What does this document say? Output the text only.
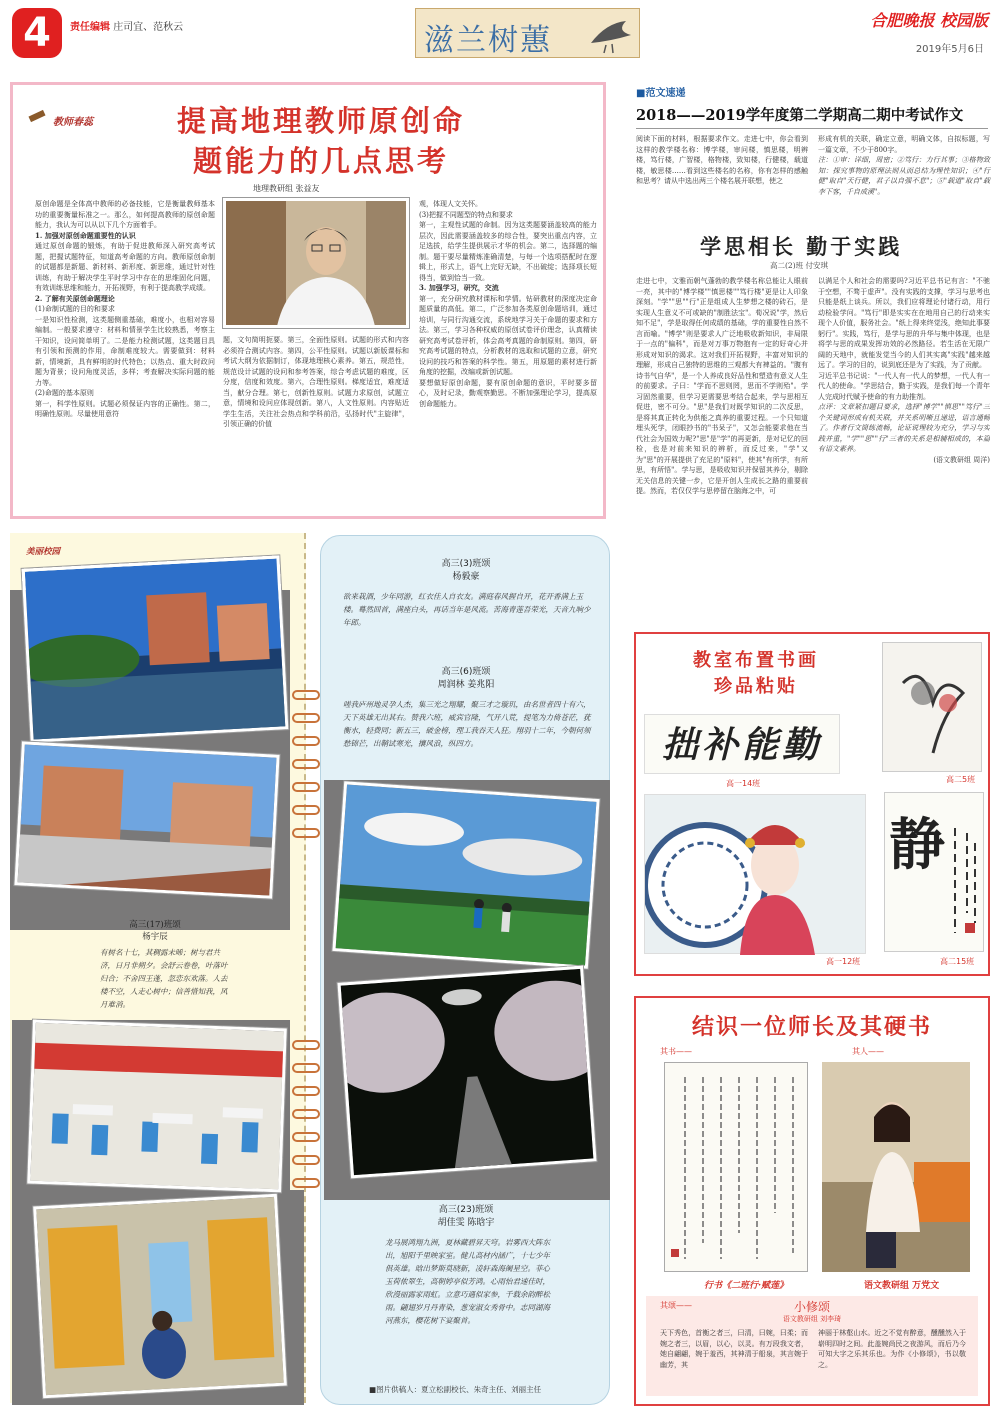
4	责任编辑 庄司宜、范秋云	滋兰树蕙
合肥晚报 校园版
2019年5月6日
教师春蕊	提高地理教师原创命
题能力的几点思考
地理教研组 张益友

原创命题是全体高中教师的必备技能，它是衡量教师基本功的重要衡量标准之一。那么，如何提高教师的原创命题能力，我认为可以从以下几个方面着手。

1. 加强对原创命题重要性的认识

通过原创命题的锻炼，有助于促进教师深入研究高考试题，把握试题特征，知道高考命题的方向。教师原创命制的试题都是新题、新材料、新形度、新思维，通过针对性训练，有助于解决学生平时学习中存在的思维固化问题，有效训练思维和能力，开拓视野，有利于提高教学成绩。

2. 了解有关原创命题理论

(1)命制试题的目的和要求

一是知识性检测，这类题侧重基础，难度小，也相对容易编制。一般要求遵守：材料和情景学生比较熟悉，考察主干知识，设问简单明了。二是能力检测试题，这类题目具有引领和预测的作用，命制难度较大。需要做到：材料新，情境新，具有鲜明的时代特色；以热点、重大时政问题为背景；设问角度灵活，多样；考查解决实际问题的能力等。

(2)命题的基本原则

第一，科学性原则。试题必须保证内容的正确性。第二，明确性原则。尽量使用意符

题，文句简明扼要。第三，全面性原则。试题的形式和内容必须符合测试内容。第四，公平性原则。试题以新版课标和考试大纲为依据制订，体现地理核心素养。第五，规范性，规范设计试题的设问和参考答案，综合考虑试题的难度，区分度，信度和效度。第六，合理性原则。梯度适宜，难度适当，献分合理。第七，创新性原则。试题力求原创，试题立意，情境和设问应体现创新。第八，人文性原则。内容贴近学生生活，关注社会热点和学科前沿，弘扬时代"主旋律"，引领正确的价值

观，体现人文关怀。

(3)把握不同题型的特点和要求

第一，主观性试题的命制。因为这类题要涵盖较高的能力层次，因此需要涵盖较多的综合性，要突出重点内容，立足选拔，给学生提供展示才华的机会。第二，选择题的编制。题干要尽量精炼准确清楚，与每一个选项搭配时在逻辑上，形式上，语气上完好无缺，不出破绽；选择项长短得当，做到恰当一致。

3. 加强学习，研究，交流

第一，充分研究教材课标和学情。钻研教材的深度决定命题质量的高低。第二，广泛参加各类原创命题培训，通过培训，与同行沟通交流，系统地学习关于命题的要求和方法。第三，学习各种权威的原创试卷评价理念，认真精读研究高考试卷评析，体会高考真题的命制原则。第四，研究高考试题的特点，分析教材的选取和试题的立意，研究设问的技巧和答案的科学性。第五，用原题的素材进行新角度的挖掘，改编或新创试题。

要想做好原创命题，要有原创命题的意识，平时要多留心，及时记录，勤观察勤思。不断加强理论学习，提高原创命题能力。

■范文速递
2018——2019学年度第二学期高二期中考试作文
阅读下面的材料，根据要求作文。走进七中，你会看到这样的教学楼名称：博学楼，审问楼，慎思楼，明辨楼，笃行楼，广智楼，格物楼，致知楼，行健楼，载道楼，敏思楼……看到这些楼名的名称，你有怎样的感触和思考？请从中选出两三个楼名展开联想，使之

形成有机的关联，确定立意，明确文体，自拟标题，写一篇文章，不少于800字。

注：①审：详细，周密；②笃行：力行其事；③格物致知：探究事物的原理法则从而总结为理性知识；④"行健"取自"天行健，君子以自强不息"；⑤"载道"取自"载李下客，千自成溪"。

学思相长 勤于实践
高二(2)班 付安琪
走进七中，文雅而朝气蓬勃的教学楼名称总能让人眼前一亮，其中的"博学楼""慎思楼""笃行楼"更是让人印象深刻。"学""思""行"正是组成人生梦想之楼的砖石，是实现人生意义不可或缺的"制胜法宝"。荀况说"学，然后知不足"，学是取得任何成绩的基础，学的重要性自然不言而喻。"博学"则是要求人广泛地吸收新知识，非局限于一点的"偏科"，而是对万事万物抱有一定的好奇心并形成对知识的渴求。这对我们开拓视野，丰富对知识的理解，形成自己独特的思维的三观都大有裨益的。"腹有诗书气自华"，是一个人养成良好品性和塑造有意义人生的前要求。子曰："学而不思则罔，思而不学则殆"。学习固然重要，但学习更需要思考结合起来，学与思相互促进，密不可分。"思"是我们对既学知识的二次反思，是将其真正转化为供能之真养的重要过程。一个只知道埋头死学，闭眼抄书的"书呆子"，又怎会能要求他在当代社会为国效力呢?"思"是"学"的再更新，是对记忆的回检，也是对前来知识的辨析，而反过来，"学"又为"思"的开展提供了充足的"原料"，使其"有所学，有所思，有所悟"。学与思，是吸收知识并保留其养分，剔除无关信息的关键一步，它是开创人生成长之路的重要前提。然而，若仅仅学与思停留在脑海之中，可

以满足个人和社会的需要吗?习近平总书记有言："不驰于空想，不骛于虚声"。没有实践的支撑，学习与思考也只能是纸上谈兵。所以，我们应将理论付诸行动，用行动检验学问。"笃行"即是实实在在地用自己的行动来实现个人价值，服务社会。"纸上得来终觉浅，绝知此事要躬行"。实践，笃行，是学与思的升华与集中体现，也是将学与思的成果发挥功效的必然路径。若生活在无限广阔的天地中，就能发觉当今的人们其实离"实践"越来越远了。学习的目的，说到底还是为了实践，为了贡献。

习近平总书记说："一代人有一代人的梦想，一代人有一代人的使命。"学思结合，勤于实践，是我们每一个青年人完成时代赋予使命的有力助推剂。

点评：文章紧扣题目要求，选择"博学""慎思""笃行"三个关键词形成有机关联，并关系明晰且递进，语言通畅了。作者行文简练流畅，论证说理较为充分，学习与实践并重，"学""思""行"三者的关系是相辅相成的，本篇有语文素养。

(语文教研组 周洋)

教室布置书画
珍品粘贴
拙补能勤
高一14班	高二5班
高一12班
静
高二15班
结识一位师长及其硬书
其书——	其人——
行书《二班行·赋莲》	语文教研组 万党文
其颂——	小修颂
语文教研组 刘李琦
天下秀色，首衡之者三，曰清，曰婉，曰柔；而婉之者三，以眉，以心，以灵。有万段我文者，她自翩翩，婉于羞西，其神清于船泉，其言婉于幽芳，其
神丽于林壑山水。近之不觉有醉意，醺醺然入于崭明四时之间。此盖婉尚民之夜游风，而后乃今可知大字之乐其乐也。为作《小修颂》，书以敬之。
美丽校园
高三(17)班颂
杨宇辰
有树名十七，其稠露未晞；树与君共济，日月非朔夕。会舒云卷卷，叶落叶归合；不舍四王蓬，忽恋东欢落。人去楼不空，人走心树中；信善惜知我，风月难消。
高三(3)班颂
杨毅豪
欲来栽酒，少年同游，红衣佳人自衣友。满庭春风握自开，花开香满上玉楼。蓦然回首，满座白头，再话当年是风流。苦海青莲吾荣光，天音九响少年郎。
高三(6)班颂
周润林 姜兆阳
嗟我庐州地灵孕人杰，集三光之翔耀，聚三才之璇玑，由名世者四十有六，天下英雄无出其右。赞我六班，威宾官隆，气开八荒，提笔为力倚苍茫，莸衡水，轻费同；新五三，破金榜，理工我吞天人狂。翔羽十二年，今朝何须愁锦芒，出鞘试寒光，攘风浪，纵四方。
高三(23)班颂
胡佳雯 陈晗宇
龙马展鸿翔九洲，夏林藏碧昇天穹。岩雾西大阵东出，旭阳千里映家室。健儿高材内涵广，十七少年俱英雄。晗出梦斯莫晓新，凌轩森海阑星空。菲心玉荷侬翠生，高朝婷亭似芳鸿。心雨怡君速佳时，欣漫丽露家雨虹。立意巧遇似家参，千载余韵醉松雨。翩翅岁月丹青染，葱宠淑女秀骨中。志同湖海河燕东，樱花树下宴聚首。
■图片供稿人：夏立松副校长、朱奇主任、刘丽主任
